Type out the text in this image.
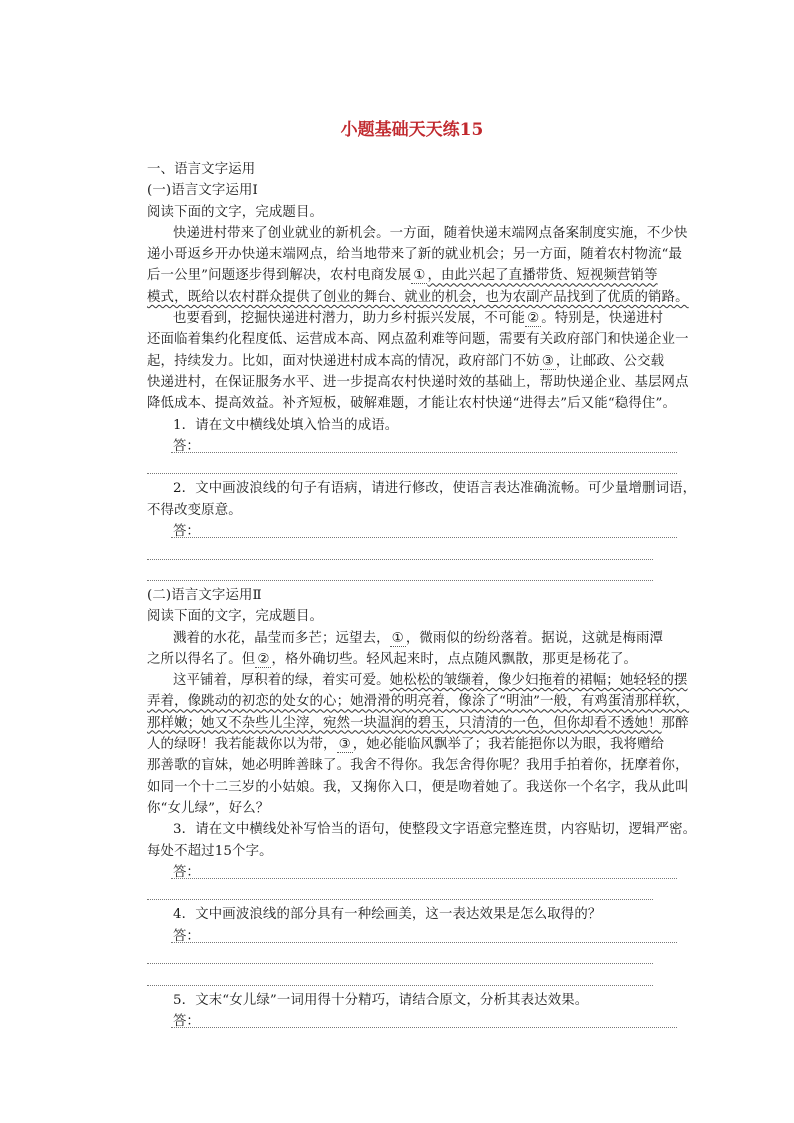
小题基础天天练15
一、语言文字运用
(一)语言文字运用Ⅰ
阅读下面的文字，完成题目。
快递进村带来了创业就业的新机会。一方面，随着快递末端网点备案制度实施，不少快
递小哥返乡开办快递末端网点，给当地带来了新的就业机会；另一方面，随着农村物流“最
后一公里”问题逐步得到解决，农村电商发展 ① ，由此兴起了直播带货、短视频营销等
模式，既给以农村群众提供了创业的舞台、就业的机会，也为农副产品找到了优质的销路。
也要看到，挖掘快递进村潜力，助力乡村振兴发展，不可能 ② 。特别是，快递进村
还面临着集约化程度低、运营成本高、网点盈利难等问题，需要有关政府部门和快递企业一
起，持续发力。比如，面对快递进村成本高的情况，政府部门不妨 ③ ，让邮政、公交载
快递进村，在保证服务水平、进一步提高农村快递时效的基础上，帮助快递企业、基层网点
降低成本、提高效益。补齐短板，破解难题，才能让农村快递“进得去”后又能“稳得住”。
1．请在文中横线处填入恰当的成语。
答：
2．文中画波浪线的句子有语病，请进行修改，使语言表达准确流畅。可少量增删词语，
不得改变原意。
答：
(二)语言文字运用Ⅱ
阅读下面的文字，完成题目。
溅着的水花，晶莹而多芒；远望去， ① ，微雨似的纷纷落着。据说，这就是梅雨潭
之所以得名了。但 ② ，格外确切些。轻风起来时，点点随风飘散，那更是杨花了。
这平铺着，厚积着的绿，着实可爱。她松松的皱缬着，像少妇拖着的裙幅；她轻轻的摆
弄着，像跳动的初恋的处女的心；她滑滑的明亮着，像涂了“明油”一般，有鸡蛋清那样软，
那样嫩；她又不杂些儿尘滓，宛然一块温润的碧玉，只清清的一色，但你却看不透她！那醉
人的绿呀！我若能裁你以为带， ③ ，她必能临风飘举了；我若能挹你以为眼，我将赠给
那善歌的盲妹，她必明眸善睐了。我舍不得你。我怎舍得你呢？我用手拍着你，抚摩着你，
如同一个十二三岁的小姑娘。我，又掬你入口，便是吻着她了。我送你一个名字，我从此叫
你“女儿绿”，好么？
3．请在文中横线处补写恰当的语句，使整段文字语意完整连贯，内容贴切，逻辑严密。
每处不超过15个字。
答：
4．文中画波浪线的部分具有一种绘画美，这一表达效果是怎么取得的？
答：
5．文末“女儿绿”一词用得十分精巧，请结合原文，分析其表达效果。
答：
